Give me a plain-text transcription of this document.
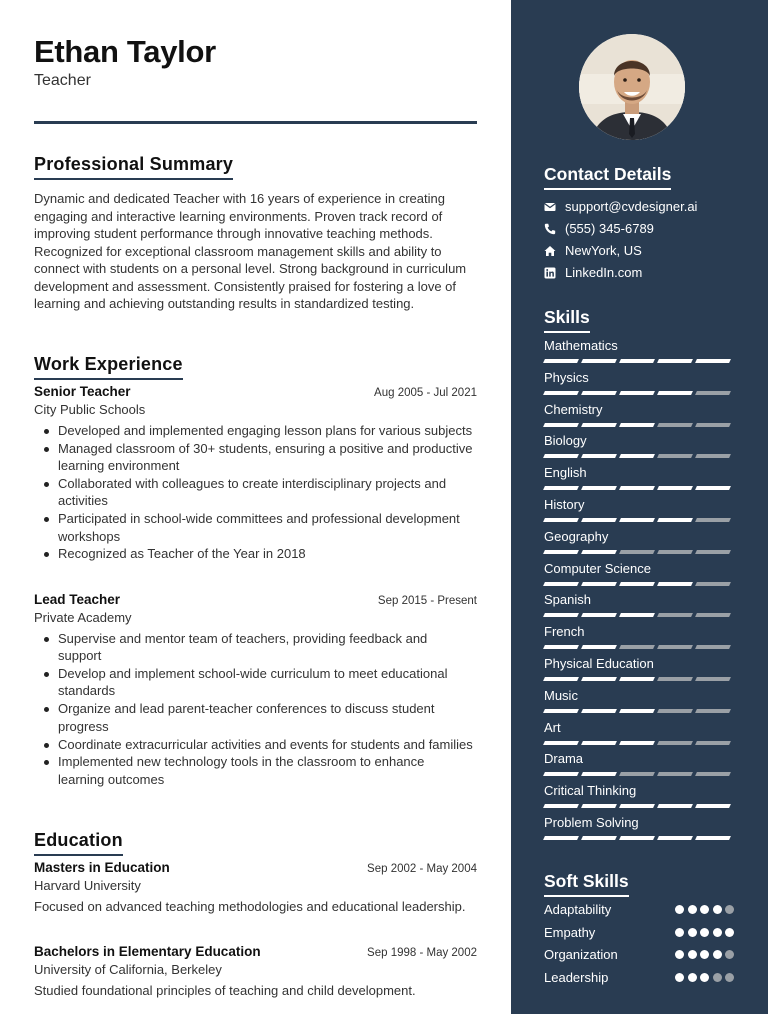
Ethan Taylor
Teacher
Professional Summary
Dynamic and dedicated Teacher with 16 years of experience in creating engaging and interactive learning environments. Proven track record of improving student performance through innovative teaching methods. Recognized for exceptional classroom management skills and ability to connect with students on a personal level. Strong background in curriculum development and assessment. Consistently praised for fostering a love of learning and achieving outstanding results in standardized testing.
Work Experience
Senior Teacher	Aug 2005 - Jul 2021
City Public Schools
Developed and implemented engaging lesson plans for various subjects
Managed classroom of 30+ students, ensuring a positive and productive learning environment
Collaborated with colleagues to create interdisciplinary projects and activities
Participated in school-wide committees and professional development workshops
Recognized as Teacher of the Year in 2018
Lead Teacher	Sep 2015 - Present
Private Academy
Supervise and mentor team of teachers, providing feedback and support
Develop and implement school-wide curriculum to meet educational standards
Organize and lead parent-teacher conferences to discuss student progress
Coordinate extracurricular activities and events for students and families
Implemented new technology tools in the classroom to enhance learning outcomes
Education
Masters in Education	Sep 2002 - May 2004
Harvard University
Focused on advanced teaching methodologies and educational leadership.
Bachelors in Elementary Education	Sep 1998 - May 2002
University of California, Berkeley
Studied foundational principles of teaching and child development.
Contact Details
support@cvdesigner.ai
(555) 345-6789
NewYork, US
LinkedIn.com
Skills
Mathematics
Physics
Chemistry
Biology
English
History
Geography
Computer Science
Spanish
French
Physical Education
Music
Art
Drama
Critical Thinking
Problem Solving
Soft Skills
Adaptability
Empathy
Organization
Leadership
